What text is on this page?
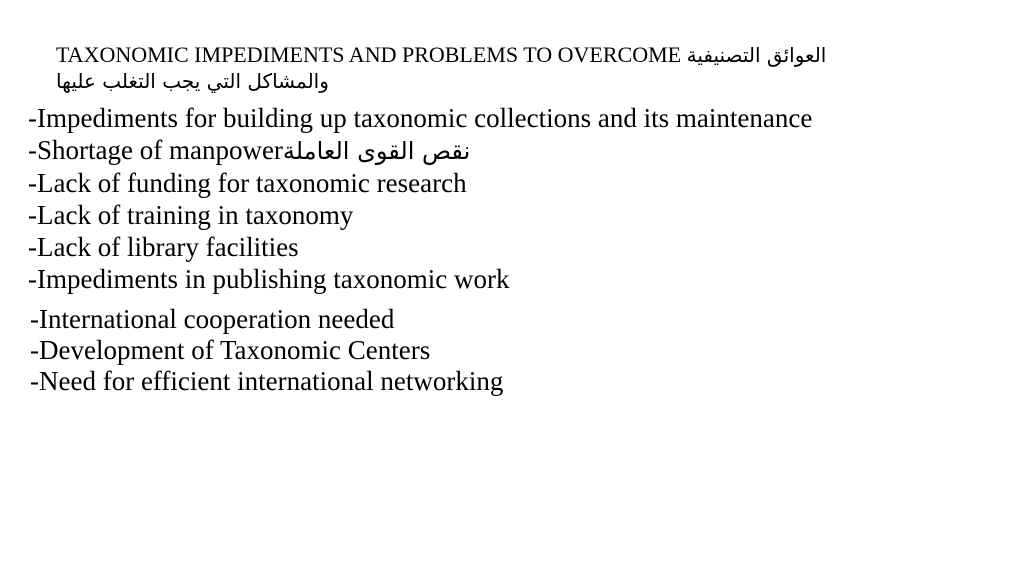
TAXONOMIC IMPEDIMENTS AND PROBLEMS TO OVERCOME العوائق التصنيفية
والمشاكل التي يجب التغلب عليها
-Impediments for building up taxonomic collections and its maintenance
-Shortage of manpowerنقص القوى العاملة
-Lack of funding for taxonomic research
-Lack of training in taxonomy
-Lack of library facilities
-Impediments in publishing taxonomic work
-International cooperation needed
-Development of Taxonomic Centers
-Need for efficient international networking
